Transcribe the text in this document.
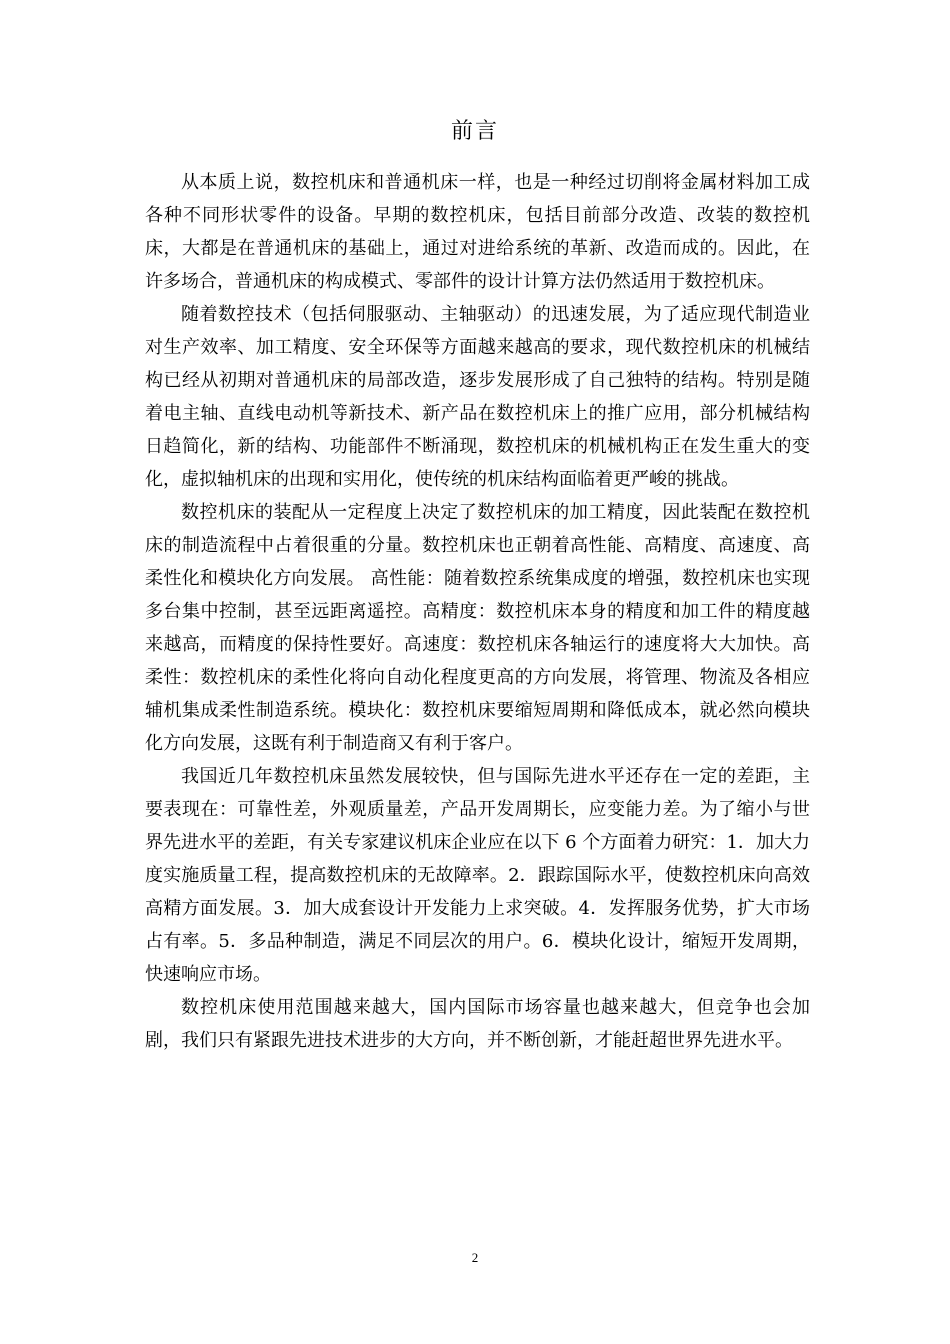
前言

从本质上说，数控机床和普通机床一样，也是一种经过切削将金属材料加工成各种不同形状零件的设备。早期的数控机床，包括目前部分改造、改装的数控机床，大都是在普通机床的基础上，通过对进给系统的革新、改造而成的。因此，在许多场合，普通机床的构成模式、零部件的设计计算方法仍然适用于数控机床。

随着数控技术（包括伺服驱动、主轴驱动）的迅速发展，为了适应现代制造业对生产效率、加工精度、安全环保等方面越来越高的要求，现代数控机床的机械结构已经从初期对普通机床的局部改造，逐步发展形成了自己独特的结构。特别是随着电主轴、直线电动机等新技术、新产品在数控机床上的推广应用，部分机械结构日趋简化，新的结构、功能部件不断涌现，数控机床的机械机构正在发生重大的变化，虚拟轴机床的出现和实用化，使传统的机床结构面临着更严峻的挑战。

数控机床的装配从一定程度上决定了数控机床的加工精度，因此装配在数控机床的制造流程中占着很重的分量。数控机床也正朝着高性能、高精度、高速度、高柔性化和模块化方向发展。 高性能：随着数控系统集成度的增强，数控机床也实现多台集中控制，甚至远距离遥控。高精度：数控机床本身的精度和加工件的精度越来越高，而精度的保持性要好。高速度：数控机床各轴运行的速度将大大加快。高柔性：数控机床的柔性化将向自动化程度更高的方向发展，将管理、物流及各相应辅机集成柔性制造系统。模块化：数控机床要缩短周期和降低成本，就必然向模块化方向发展，这既有利于制造商又有利于客户。

我国近几年数控机床虽然发展较快，但与国际先进水平还存在一定的差距，主要表现在：可靠性差，外观质量差，产品开发周期长，应变能力差。为了缩小与世界先进水平的差距，有关专家建议机床企业应在以下 6 个方面着力研究：1．加大力度实施质量工程，提高数控机床的无故障率。2．跟踪国际水平，使数控机床向高效高精方面发展。3．加大成套设计开发能力上求突破。4．发挥服务优势，扩大市场占有率。5．多品种制造，满足不同层次的用户。6．模块化设计，缩短开发周期，快速响应市场。

数控机床使用范围越来越大，国内国际市场容量也越来越大，但竞争也会加剧，我们只有紧跟先进技术进步的大方向，并不断创新，才能赶超世界先进水平。

2
